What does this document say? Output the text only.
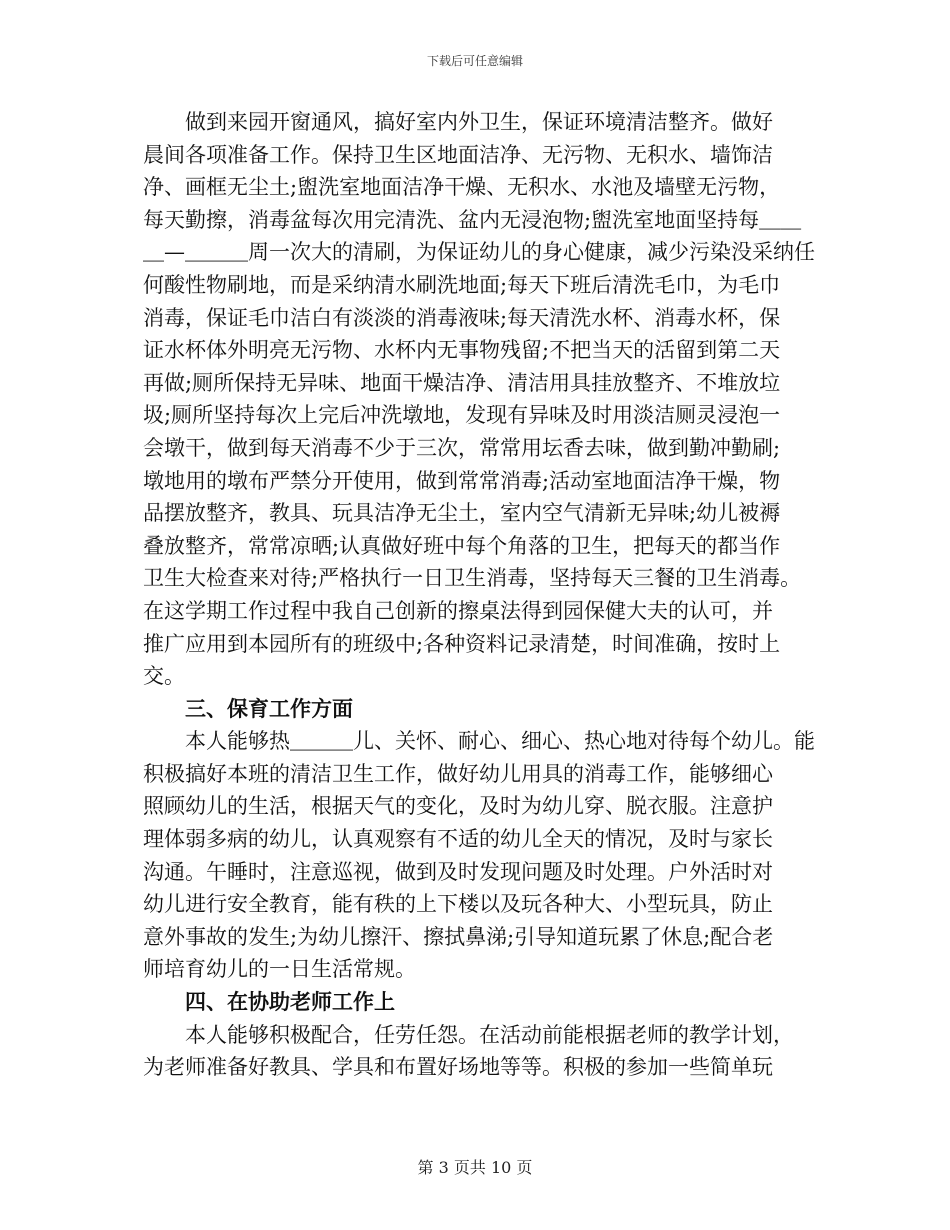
下载后可任意编辑
　　做到来园开窗通风，搞好室内外卫生，保证环境清洁整齐。做好
晨间各项准备工作。保持卫生区地面洁净、无污物、无积水、墙饰洁
净、画框无尘土;盥洗室地面洁净干燥、无积水、水池及墙壁无污物，
每天勤擦，消毒盆每次用完清洗、盆内无浸泡物;盥洗室地面坚持每＿＿
＿—＿＿＿周一次大的清刷，为保证幼儿的身心健康，减少污染没采纳任
何酸性物刷地，而是采纳清水刷洗地面;每天下班后清洗毛巾，为毛巾
消毒，保证毛巾洁白有淡淡的消毒液味;每天清洗水杯、消毒水杯，保
证水杯体外明亮无污物、水杯内无事物残留;不把当天的活留到第二天
再做;厕所保持无异味、地面干燥洁净、清洁用具挂放整齐、不堆放垃
圾;厕所坚持每次上完后冲洗墩地，发现有异味及时用淡洁厕灵浸泡一
会墩干，做到每天消毒不少于三次，常常用坛香去味，做到勤冲勤刷;
墩地用的墩布严禁分开使用，做到常常消毒;活动室地面洁净干燥，物
品摆放整齐，教具、玩具洁净无尘土，室内空气清新无异味;幼儿被褥
叠放整齐，常常凉晒;认真做好班中每个角落的卫生，把每天的都当作
卫生大检查来对待;严格执行一日卫生消毒，坚持每天三餐的卫生消毒。
在这学期工作过程中我自己创新的擦桌法得到园保健大夫的认可，并
推广应用到本园所有的班级中;各种资料记录清楚，时间准确，按时上
交。
　　三、保育工作方面
　　本人能够热＿＿＿儿、关怀、耐心、细心、热心地对待每个幼儿。能
积极搞好本班的清洁卫生工作，做好幼儿用具的消毒工作，能够细心
照顾幼儿的生活，根据天气的变化，及时为幼儿穿、脱衣服。注意护
理体弱多病的幼儿，认真观察有不适的幼儿全天的情况，及时与家长
沟通。午睡时，注意巡视，做到及时发现问题及时处理。户外活时对
幼儿进行安全教育，能有秩的上下楼以及玩各种大、小型玩具，防止
意外事故的发生;为幼儿擦汗、擦拭鼻涕;引导知道玩累了休息;配合老
师培育幼儿的一日生活常规。
　　四、在协助老师工作上
　　本人能够积极配合，任劳任怨。在活动前能根据老师的教学计划，
为老师准备好教具、学具和布置好场地等等。积极的参加一些简单玩
第 3 页共 10 页
